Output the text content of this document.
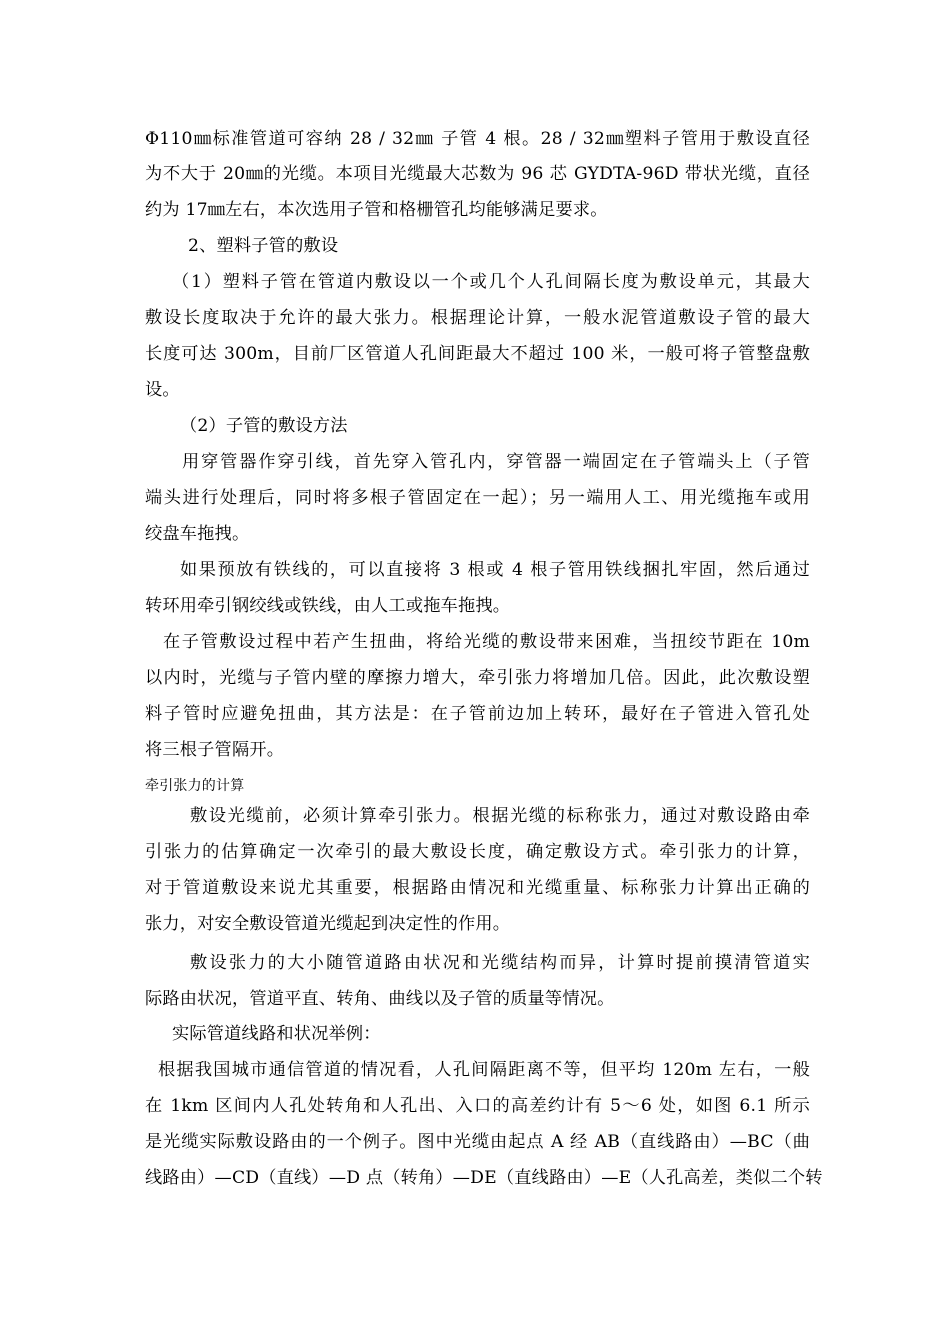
Φ110㎜标准管道可容纳 28 / 32㎜ 子管 4 根。28 / 32㎜塑料子管用于敷设直径
为不大于 20㎜的光缆。本项目光缆最大芯数为 96 芯 GYDTA-96D 带状光缆，直径
约为 17㎜左右，本次选用子管和格栅管孔均能够满足要求。
2、塑料子管的敷设
（1）塑料子管在管道内敷设以一个或几个人孔间隔长度为敷设单元，其最大
敷设长度取决于允许的最大张力。根据理论计算，一般水泥管道敷设子管的最大
长度可达 300m，目前厂区管道人孔间距最大不超过 100 米，一般可将子管整盘敷
设。
（2）子管的敷设方法
用穿管器作穿引线，首先穿入管孔内，穿管器一端固定在子管端头上（子管
端头进行处理后，同时将多根子管固定在一起）；另一端用人工、用光缆拖车或用
绞盘车拖拽。
如果预放有铁线的，可以直接将 3 根或 4 根子管用铁线捆扎牢固，然后通过
转环用牵引钢绞线或铁线，由人工或拖车拖拽。
在子管敷设过程中若产生扭曲，将给光缆的敷设带来困难，当扭绞节距在 10m
以内时，光缆与子管内壁的摩擦力增大，牵引张力将增加几倍。因此，此次敷设塑
料子管时应避免扭曲，其方法是：在子管前边加上转环，最好在子管进入管孔处
将三根子管隔开。
牵引张力的计算
敷设光缆前，必须计算牵引张力。根据光缆的标称张力，通过对敷设路由牵
引张力的估算确定一次牵引的最大敷设长度，确定敷设方式。牵引张力的计算，
对于管道敷设来说尤其重要，根据路由情况和光缆重量、标称张力计算出正确的
张力，对安全敷设管道光缆起到决定性的作用。
敷设张力的大小随管道路由状况和光缆结构而异，计算时提前摸清管道实
际路由状况，管道平直、转角、曲线以及子管的质量等情况。
实际管道线路和状况举例：
根据我国城市通信管道的情况看，人孔间隔距离不等，但平均 120m 左右，一般
在 1km 区间内人孔处转角和人孔出、入口的高差约计有 5～6 处，如图 6.1 所示
是光缆实际敷设路由的一个例子。图中光缆由起点 A 经 AB（直线路由）—BC（曲
线路由）—CD（直线）—D 点（转角）—DE（直线路由）—E（人孔高差，类似二个转
